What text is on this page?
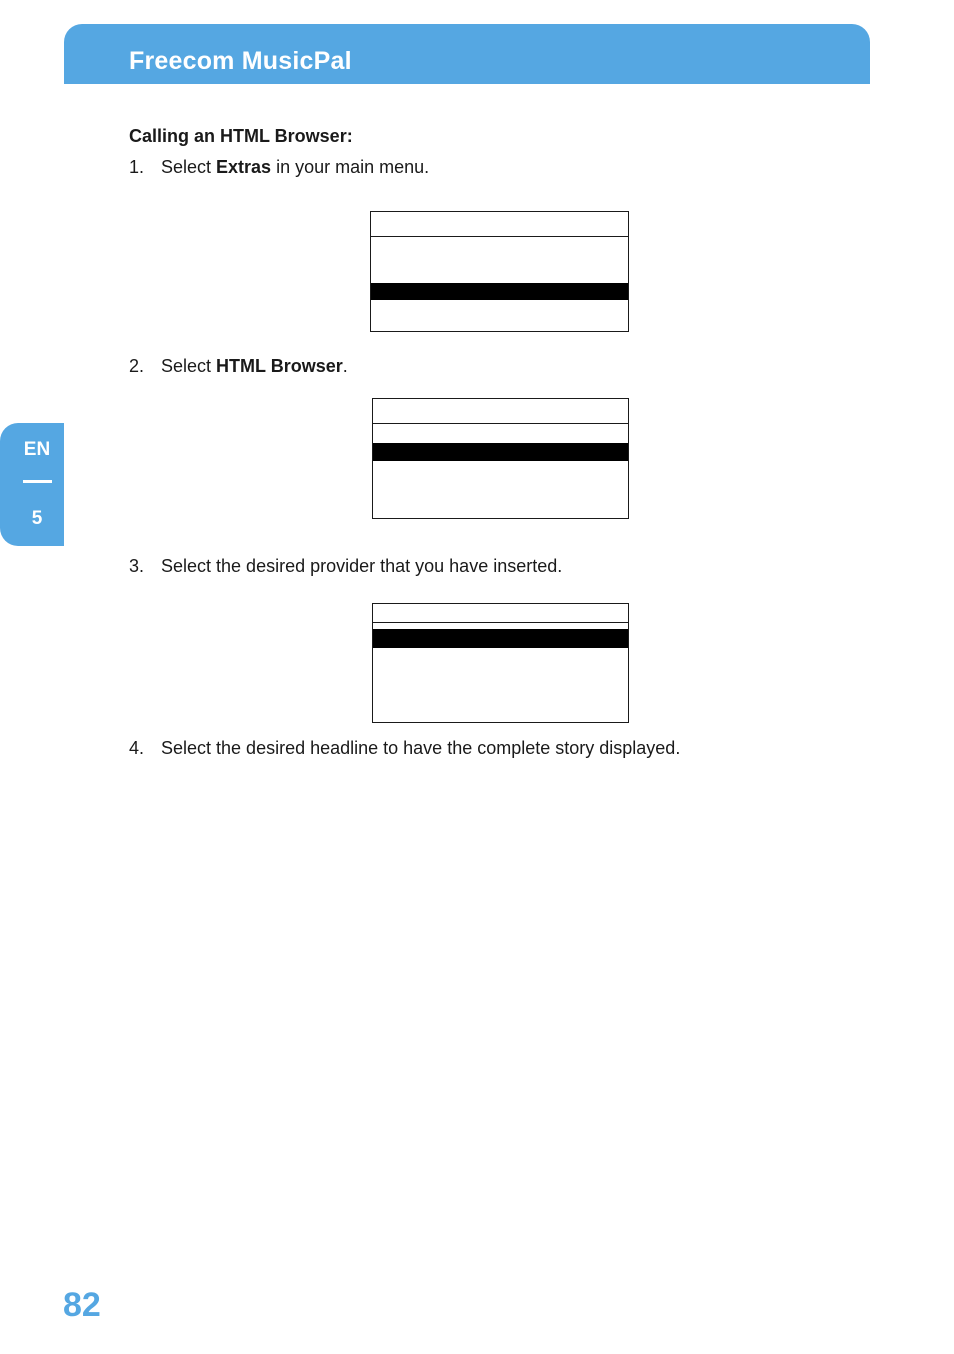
Freecom MusicPal
EN
5
Calling an HTML Browser:
1. Select Extras in your main menu.
2. Select HTML Browser.
3. Select the desired provider that you have inserted.
4. Select the desired headline to have the complete story displayed.
82
